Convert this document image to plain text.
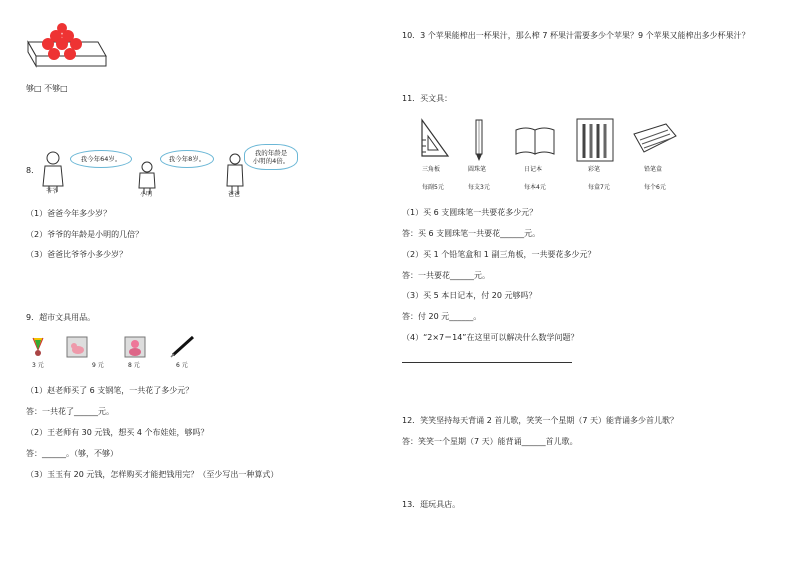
够□ 不够□
8．
我今年64岁。
爷爷
我今年8岁。
小明
我的年龄是
小明的4倍。
爸爸
（1）爸爸今年多少岁？
（2）爷爷的年龄是小明的几倍？
（3）爸爸比爷爷小多少岁？
9．超市文具用品。
3 元	9 元	8 元	6 元
（1）赵老师买了 6 支钢笔，一共花了多少元？
答：一共花了______元。
（2）王老师有 30 元钱，想买 4 个布娃娃，够吗？
答：______。（够，不够）
（3）玉玉有 20 元钱，怎样购买才能把钱用完？（至少写出一种算式）
10．3 个苹果能榨出一杯果汁，那么榨 7 杯果汁需要多少个苹果？9 个苹果又能榨出多少杯果汁？
11．买文具：
三角板	圆珠笔	日记本	彩笔	铅笔盒
每副5元	每支3元	每本4元	每盒7元	每个6元
（1）买 6 支圆珠笔一共要花多少元？
答：买 6 支圆珠笔一共要花______元。
（2）买 1 个铅笔盒和 1 副三角板，一共要花多少元？
答：一共要花______元。
（3）买 5 本日记本，付 20 元够吗？
答：付 20 元______。
（4）“2×7＝14”在这里可以解决什么数学问题？
12．笑笑坚持每天背诵 2 首儿歌，笑笑一个星期（7 天）能背诵多少首儿歌？
答：笑笑一个星期（7 天）能背诵______首儿歌。
13．逛玩具店。
